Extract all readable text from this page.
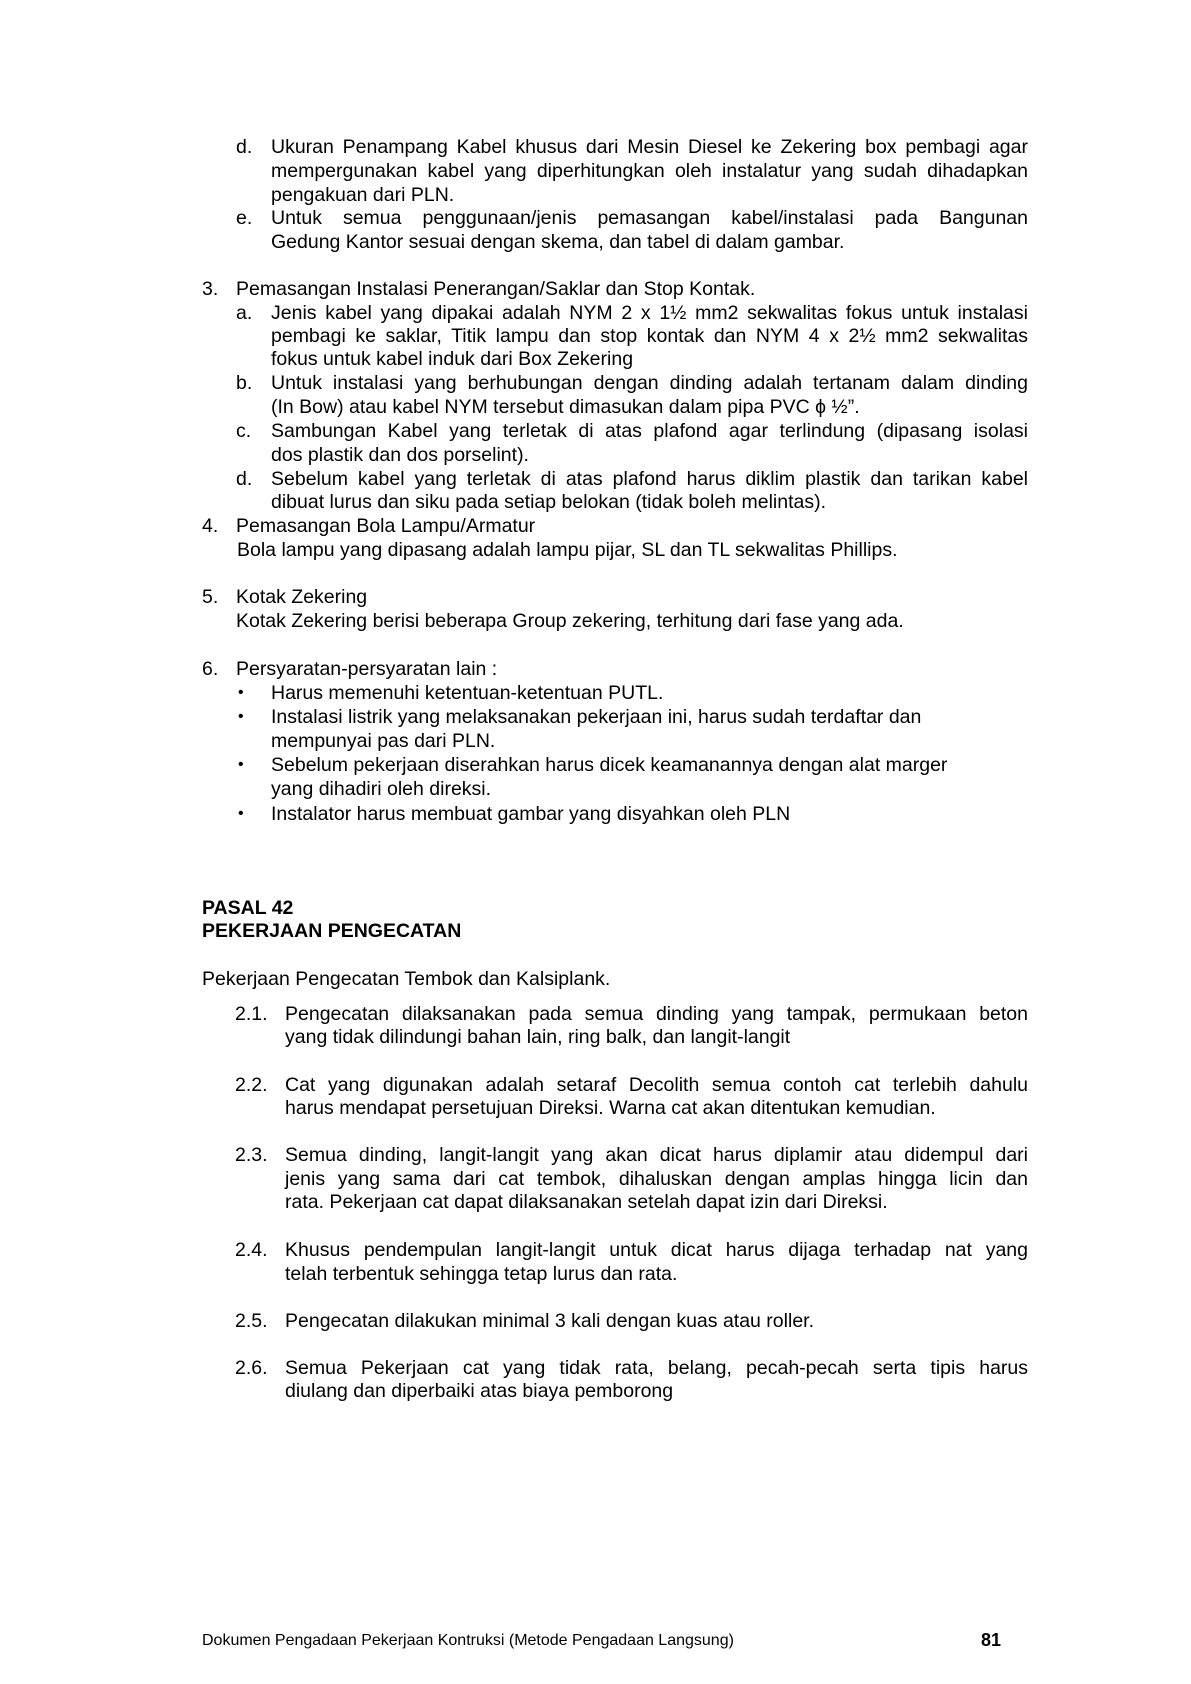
d. Ukuran Penampang Kabel khusus dari Mesin Diesel ke Zekering box pembagi agar
mempergunakan kabel yang diperhitungkan oleh instalatur yang sudah dihadapkan
pengakuan dari PLN.
e. Untuk semua penggunaan/jenis pemasangan kabel/instalasi pada Bangunan
Gedung Kantor sesuai dengan skema, dan tabel di dalam gambar.
3. Pemasangan Instalasi Penerangan/Saklar dan Stop Kontak.
a. Jenis kabel yang dipakai adalah NYM 2 x 1½ mm2 sekwalitas fokus untuk instalasi
pembagi ke saklar, Titik lampu dan stop kontak dan NYM 4 x 2½ mm2 sekwalitas
fokus untuk kabel induk dari Box Zekering
b. Untuk instalasi yang berhubungan dengan dinding adalah tertanam dalam dinding
(In Bow) atau kabel NYM tersebut dimasukan dalam pipa PVC ϕ ½”.
c. Sambungan Kabel yang terletak di atas plafond agar terlindung (dipasang isolasi
dos plastik dan dos porselint).
d. Sebelum kabel yang terletak di atas plafond harus diklim plastik dan tarikan kabel
dibuat lurus dan siku pada setiap belokan (tidak boleh melintas).
4. Pemasangan Bola Lampu/Armatur
Bola lampu yang dipasang adalah lampu pijar, SL dan TL sekwalitas Phillips.
5. Kotak Zekering
Kotak Zekering berisi beberapa Group zekering, terhitung dari fase yang ada.
6. Persyaratan-persyaratan lain :
• Harus memenuhi ketentuan-ketentuan PUTL.
• Instalasi listrik yang melaksanakan pekerjaan ini, harus sudah terdaftar dan
mempunyai pas dari PLN.
• Sebelum pekerjaan diserahkan harus dicek keamanannya dengan alat marger
yang dihadiri oleh direksi.
• Instalator harus membuat gambar yang disyahkan oleh PLN
PASAL 42
PEKERJAAN PENGECATAN
Pekerjaan Pengecatan Tembok dan Kalsiplank.
2.1. Pengecatan dilaksanakan pada semua dinding yang tampak, permukaan beton
yang tidak dilindungi bahan lain, ring balk, dan langit-langit
2.2. Cat yang digunakan adalah setaraf Decolith semua contoh cat terlebih dahulu
harus mendapat persetujuan Direksi. Warna cat akan ditentukan kemudian.
2.3. Semua dinding, langit-langit yang akan dicat harus diplamir atau didempul dari
jenis yang sama dari cat tembok, dihaluskan dengan amplas hingga licin dan
rata. Pekerjaan cat dapat dilaksanakan setelah dapat izin dari Direksi.
2.4. Khusus pendempulan langit-langit untuk dicat harus dijaga terhadap nat yang
telah terbentuk sehingga tetap lurus dan rata.
2.5. Pengecatan dilakukan minimal 3 kali dengan kuas atau roller.
2.6. Semua Pekerjaan cat yang tidak rata, belang, pecah-pecah serta tipis harus
diulang dan diperbaiki atas biaya pemborong
Dokumen Pengadaan Pekerjaan Kontruksi (Metode Pengadaan Langsung)	81
